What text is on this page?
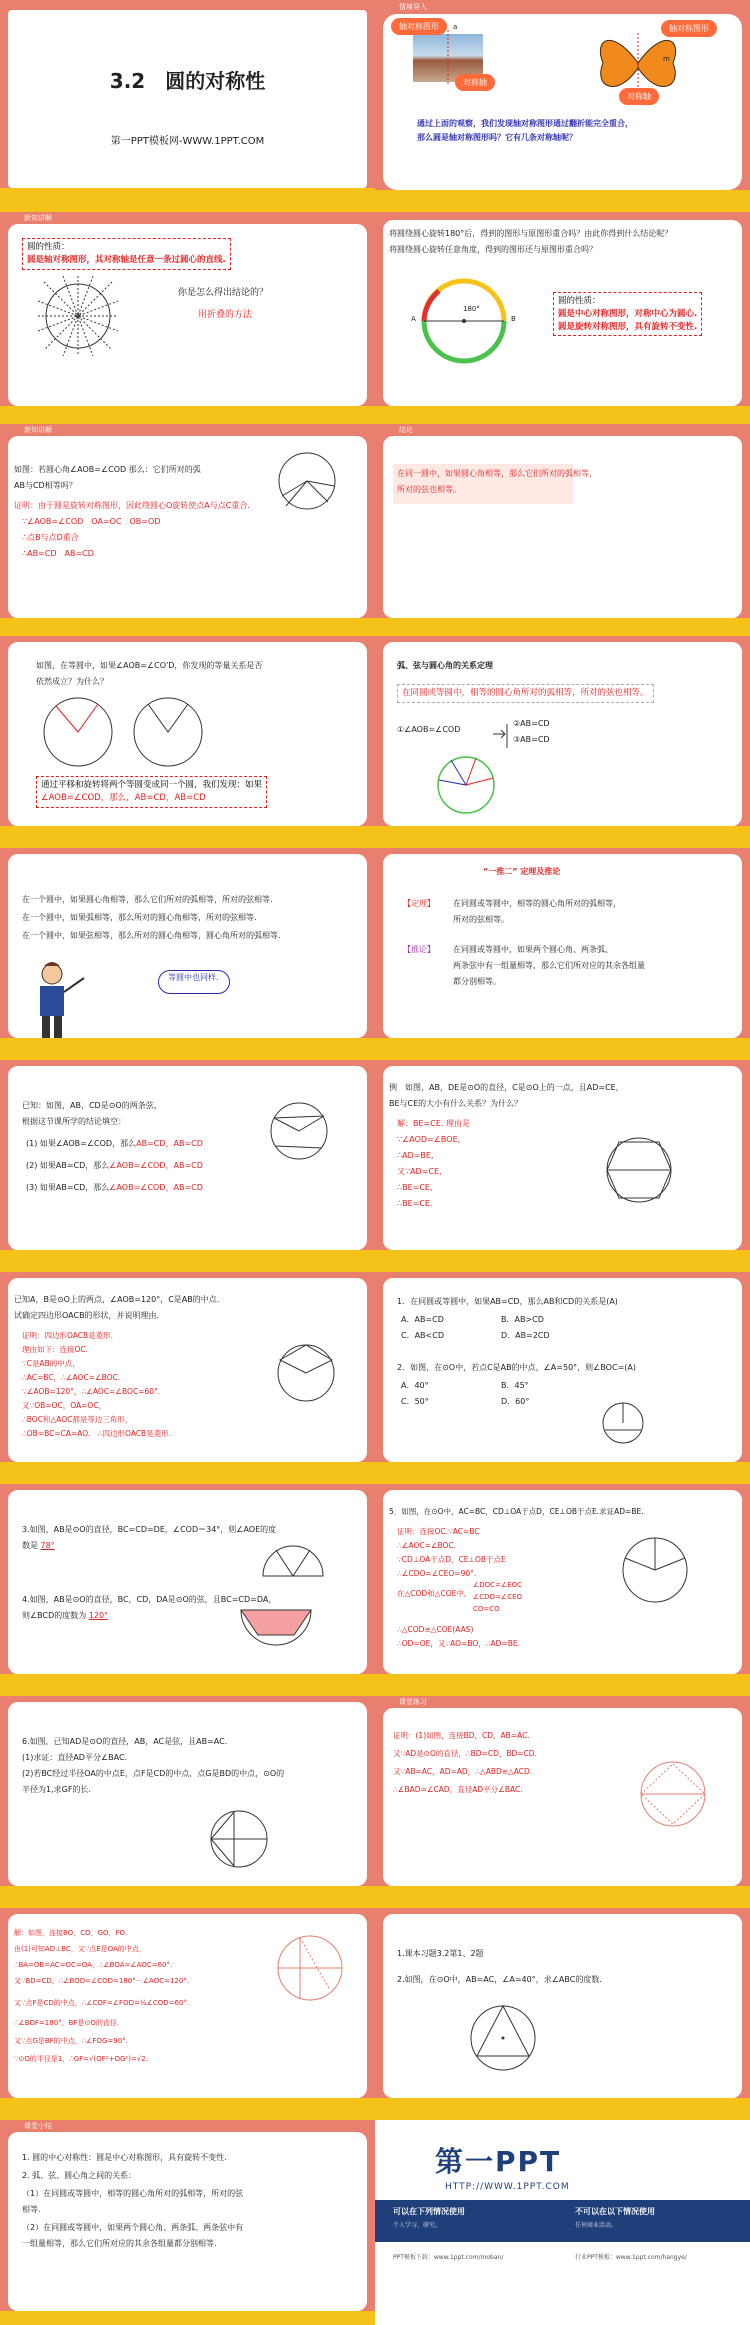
3.2　圆的对称性
第一PPT模板网-WWW.1PPT.COM
情境导入
a
轴对称图形
对称轴
m
轴对称图形
对称轴
通过上面的观察，我们发现轴对称图形通过翻折能完全重合，
那么圆是轴对称图形吗？它有几条对称轴呢？
新知讲解
圆的性质：
圆是轴对称图形，其对称轴是任意一条过圆心的直线.
你是怎么得出结论的？
用折叠的方法
将圆绕圆心旋转180°后，得到的图形与原图形重合吗？由此你得到什么结论呢？
将圆绕圆心旋转任意角度，得到的图形还与原图形重合吗？
A	B
180°
圆的性质：
圆是中心对称图形，对称中心为圆心.
圆是旋转对称图形，具有旋转不变性.
新知讲解
如图：若圆心角∠AOB=∠COD 那么：它们所对的弧
AB与CD相等吗？
证明：由于圆是旋转对称图形，因此绕圆心O旋转使点A与点C重合.
∵∠AOB=∠COD　OA=OC　OB=OD
∴点B与点D重合
∴AB=CD　AB=CD
结论
在同一圆中，如果圆心角相等，那么它们所对的弧相等，
所对的弦也相等。
如图，在等圆中，如果∠AOB=∠CO'D，你发现的等量关系是否
依然成立？为什么？
通过平移和旋转将两个等圆变成同一个圆，我们发现：如果
∠AOB=∠COD，那么，AB=CD，AB=CD
弧、弦与圆心角的关系定理
在同圆或等圆中，相等的圆心角所对的弧相等，所对的弦也相等。
①∠AOB=∠COD
②AB=CD
③AB=CD
在一个圆中，如果圆心角相等，那么它们所对的弧相等，所对的弦相等.
在一个圆中，如果弧相等，那么所对的圆心角相等，所对的弦相等.
在一个圆中，如果弦相等，那么所对的圆心角相等，圆心角所对的弧相等.
等圆中也同样.
“一推二” 定理及推论
【定理】 在同圆或等圆中，相等的圆心角所对的弧相等，
所对的弦相等。
【推论】 在同圆或等圆中，如果两个圆心角、两条弧、
两条弦中有一组量相等，那么它们所对应的其余各组量
都分别相等。
已知：如图，AB，CD是⊙O的两条弦，
根据这节课所学的结论填空：
(1) 如果∠AOB=∠COD，那么AB=CD，AB=CD
(2) 如果AB=CD，那么∠AOB=∠COD，AB=CD
(3) 如果AB=CD，那么∠AOB=∠COD，AB=CD
例　如图，AB，DE是⊙O的直径，C是⊙O上的一点，且AD=CE，
BE与CE的大小有什么关系？为什么？
解：BE=CE. 理由是
∵∠AOD=∠BOE,
∴AD=BE,
又∵AD=CE,
∴BE=CE,
∴BE=CE.
已知A，B是⊙O上的两点，∠AOB=120°，C是AB的中点.
试确定四边形OACB的形状，并说明理由.
证明：四边形OACB是菱形.
理由如下：连接OC.
∵C是AB的中点，
∴AC=BC，∴∠AOC=∠BOC.
∵∠AOB=120°，∴∠AOC=∠BOC=60°.
又∵OB=OC，OA=OC，
∴BOC和△AOC都是等边三角形，
∴OB=BC=CA=AO.　∴四边形OACB是菱形.
1．在同圆或等圆中，如果AB=CD，那么AB和CD的关系是(A)
A．AB=CD	B．AB>CD
C．AB<CD	D．AB=2CD
2．如图，在⊙O中，若点C是AB的中点，∠A=50°，则∠BOC=(A)
A．40°	B．45°
C．50°	D．60°
3.如图，AB是⊙O的直径，BC=CD=DE，∠COD＝34°，则∠AOE的度
数是 78°
4.如图，AB是⊙O的直径，BC，CD，DA是⊙O的弦，且BC=CD=DA，
则∠BCD的度数为 120°
5．如图，在⊙O中，AC=BC，CD⊥OA于点D，CE⊥OB于点E.求证AD=BE.
证明：连接OC.∵AC=BC
∴∠AOC=∠BOC.
∵CD⊥OA于点D，CE⊥OB于点E
∴∠CDO=∠CEO=90°.
在△COD和△COE中,
∠DOC=∠EOC
∠CDO=∠CEO
CO=CO
∴△COD≌△COE(AAS)
∴OD=OE，又∵AO=BO，∴AD=BE.
6.如图，已知AD是⊙O的直径，AB，AC是弦，且AB=AC.
(1)求证：直径AD平分∠BAC.
(2)若BC经过半径OA的中点E，点F是CD的中点，点G是BD的中点，⊙O的
半径为1,求GF的长.
课堂练习
证明：(1)如图，连接BD，CD，AB=AC.
又∵AD是⊙O的直径，∴BD=CD，BD=CD.
又∵AB=AC，AD=AD，∴△ABD≌△ACD.
∴∠BAD=∠CAD，直径AD平分∠BAC.
解：如图，连接BO，CO，GO，FO.
由(1)可知AD⊥BC，又∵点E是OA的中点，
∴BA=OB=AC=OC=OA，∴∠BOA=∠AOC=60°.
又∵BD=CD，∴∠BOD=∠COD=180°－∠AOC=120°.
又∵点F是CD的中点，∴∠COF=∠FOD=½∠COD=60°.
∴∠BOF=180°，BF是⊙O的直径.
又∵点G是BF的中点，∴∠FOG=90°.
∵⊙O的半径是1，∴GF=√(OF²+OG²)=√2.
1.课本习题3.2第1、2题
2.如图，在⊙O中，AB=AC，∠A=40°，求∠ABC的度数.
课堂小结
1. 圆的中心对称性：圆是中心对称图形，具有旋转不变性.
2. 弧、弦、圆心角之间的关系：
（1）在同圆或等圆中，相等的圆心角所对的弧相等，所对的弦
相等.
（2）在同圆或等圆中，如果两个圆心角、两条弧、两条弦中有
一组量相等，那么它们所对应的其余各组量都分别相等.
第一PPT
HTTP://WWW.1PPT.COM
可以在下列情况使用
个人学习、研究。
不可以在以下情况使用
任何商业活动。
PPT模板下载：www.1ppt.com/moban/	行业PPT模板：www.1ppt.com/hangye/
